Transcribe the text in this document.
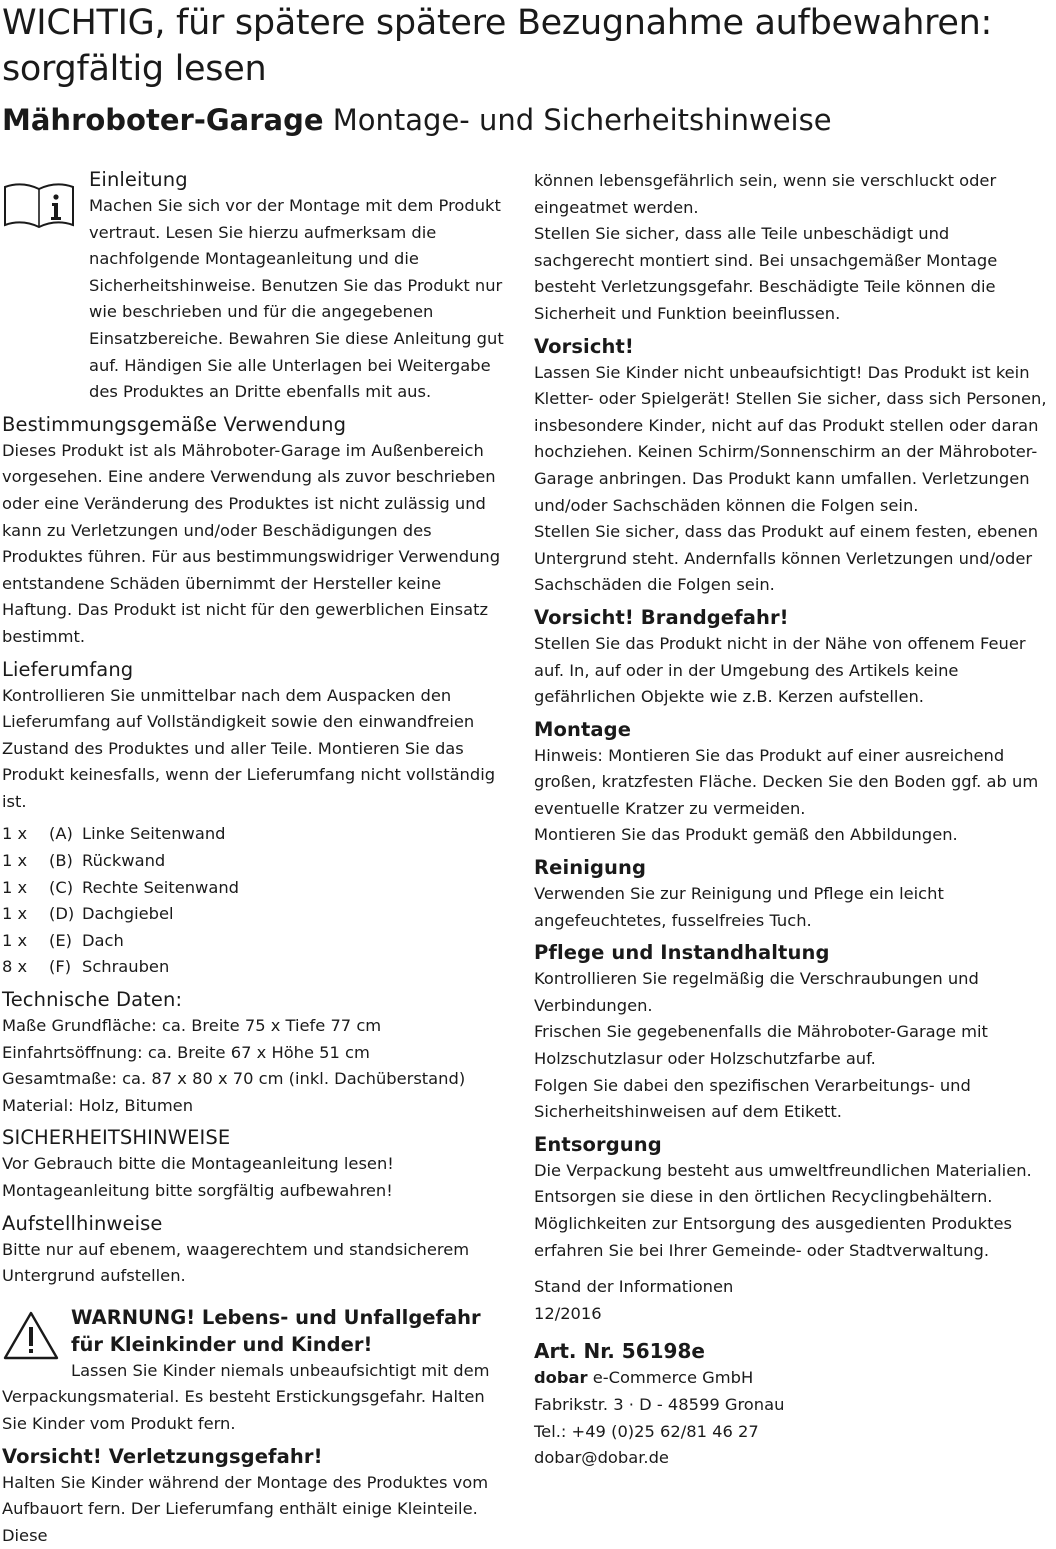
WICHTIG, für spätere spätere Bezugnahme aufbewahren: sorgfältig lesen
Mähroboter-Garage Montage- und Sicherheitshinweise
Einleitung

Machen Sie sich vor der Montage mit dem Produkt vertraut. Lesen Sie hierzu aufmerksam die nachfolgende Montageanleitung und die Sicherheitshinweise. Benutzen Sie das Produkt nur wie beschrieben und für die angegebenen Einsatzbereiche. Bewahren Sie diese Anleitung gut auf. Händigen Sie alle Unterlagen bei Weitergabe des Produktes an Dritte ebenfalls mit aus.

Bestimmungsgemäße Verwendung

Dieses Produkt ist als Mähroboter-Garage im Außenbereich vorgesehen. Eine andere Verwendung als zuvor beschrieben oder eine Veränderung des Produktes ist nicht zulässig und kann zu Verletzungen und/oder Beschädigungen des Produktes führen. Für aus bestimmungswidriger Verwendung entstandene Schäden übernimmt der Hersteller keine Haftung. Das Produkt ist nicht für den gewerblichen Einsatz bestimmt.

Lieferumfang

Kontrollieren Sie unmittelbar nach dem Auspacken den Lieferumfang auf Vollständigkeit sowie den einwandfreien Zustand des Produktes und aller Teile. Montieren Sie das Produkt keinesfalls, wenn der Lieferumfang nicht vollständig ist.

1 x	(A) Linke Seitenwand
1 x	(B) Rückwand
1 x	(C) Rechte Seitenwand
1 x	(D) Dachgiebel
1 x	(E) Dach
8 x	(F) Schrauben
Technische Daten:

Maße Grundfläche: ca. Breite 75 x Tiefe 77 cm

Einfahrtsöffnung: ca. Breite 67 x Höhe 51 cm

Gesamtmaße: ca. 87 x 80 x 70 cm (inkl. Dachüberstand)

Material: Holz, Bitumen

SICHERHEITSHINWEISE

Vor Gebrauch bitte die Montageanleitung lesen!

Montageanleitung bitte sorgfältig aufbewahren!

Aufstellhinweise

Bitte nur auf ebenem, waagerechtem und standsicherem Untergrund aufstellen.

WARNUNG! Lebens- und Unfallgefahr für Kleinkinder und Kinder!

Lassen Sie Kinder niemals unbeaufsichtigt mit dem Verpackungsmaterial. Es besteht Erstickungsgefahr. Halten Sie Kinder vom Produkt fern.

Vorsicht! Verletzungsgefahr!

Halten Sie Kinder während der Montage des Produktes vom Aufbauort fern. Der Lieferumfang enthält einige Kleinteile. Diese

können lebensgefährlich sein, wenn sie verschluckt oder eingeatmet werden.

Stellen Sie sicher, dass alle Teile unbeschädigt und sachgerecht montiert sind. Bei unsachgemäßer Montage besteht Verletzungsgefahr. Beschädigte Teile können die Sicherheit und Funktion beeinflussen.

Vorsicht!

Lassen Sie Kinder nicht unbeaufsichtigt! Das Produkt ist kein Kletter- oder Spielgerät! Stellen Sie sicher, dass sich Personen, insbesondere Kinder, nicht auf das Produkt stellen oder daran hochziehen. Keinen Schirm/Sonnenschirm an der Mähroboter-Garage anbringen. Das Produkt kann umfallen. Verletzungen und/oder Sachschäden können die Folgen sein.

Stellen Sie sicher, dass das Produkt auf einem festen, ebenen Untergrund steht. Andernfalls können Verletzungen und/oder Sachschäden die Folgen sein.

Vorsicht! Brandgefahr!

Stellen Sie das Produkt nicht in der Nähe von offenem Feuer auf. In, auf oder in der Umgebung des Artikels keine gefährlichen Objekte wie z.B. Kerzen aufstellen.

Montage

Hinweis: Montieren Sie das Produkt auf einer ausreichend großen, kratzfesten Fläche. Decken Sie den Boden ggf. ab um eventuelle Kratzer zu vermeiden.

Montieren Sie das Produkt gemäß den Abbildungen.

Reinigung

Verwenden Sie zur Reinigung und Pflege ein leicht angefeuchtetes, fusselfreies Tuch.

Pflege und Instandhaltung

Kontrollieren Sie regelmäßig die Verschraubungen und Verbindungen.

Frischen Sie gegebenenfalls die Mähroboter-Garage mit Holzschutzlasur oder Holzschutzfarbe auf.

Folgen Sie dabei den spezifischen Verarbeitungs- und Sicherheitshinweisen auf dem Etikett.

Entsorgung

Die Verpackung besteht aus umweltfreundlichen Materialien. Entsorgen sie diese in den örtlichen Recyclingbehältern. Möglichkeiten zur Entsorgung des ausgedienten Produktes erfahren Sie bei Ihrer Gemeinde- oder Stadtverwaltung.

Stand der Informationen

12/2016

Art. Nr. 56198e

dobar e-Commerce GmbH

Fabrikstr. 3 · D - 48599 Gronau

Tel.: +49 (0)25 62/81 46 27

dobar@dobar.de
